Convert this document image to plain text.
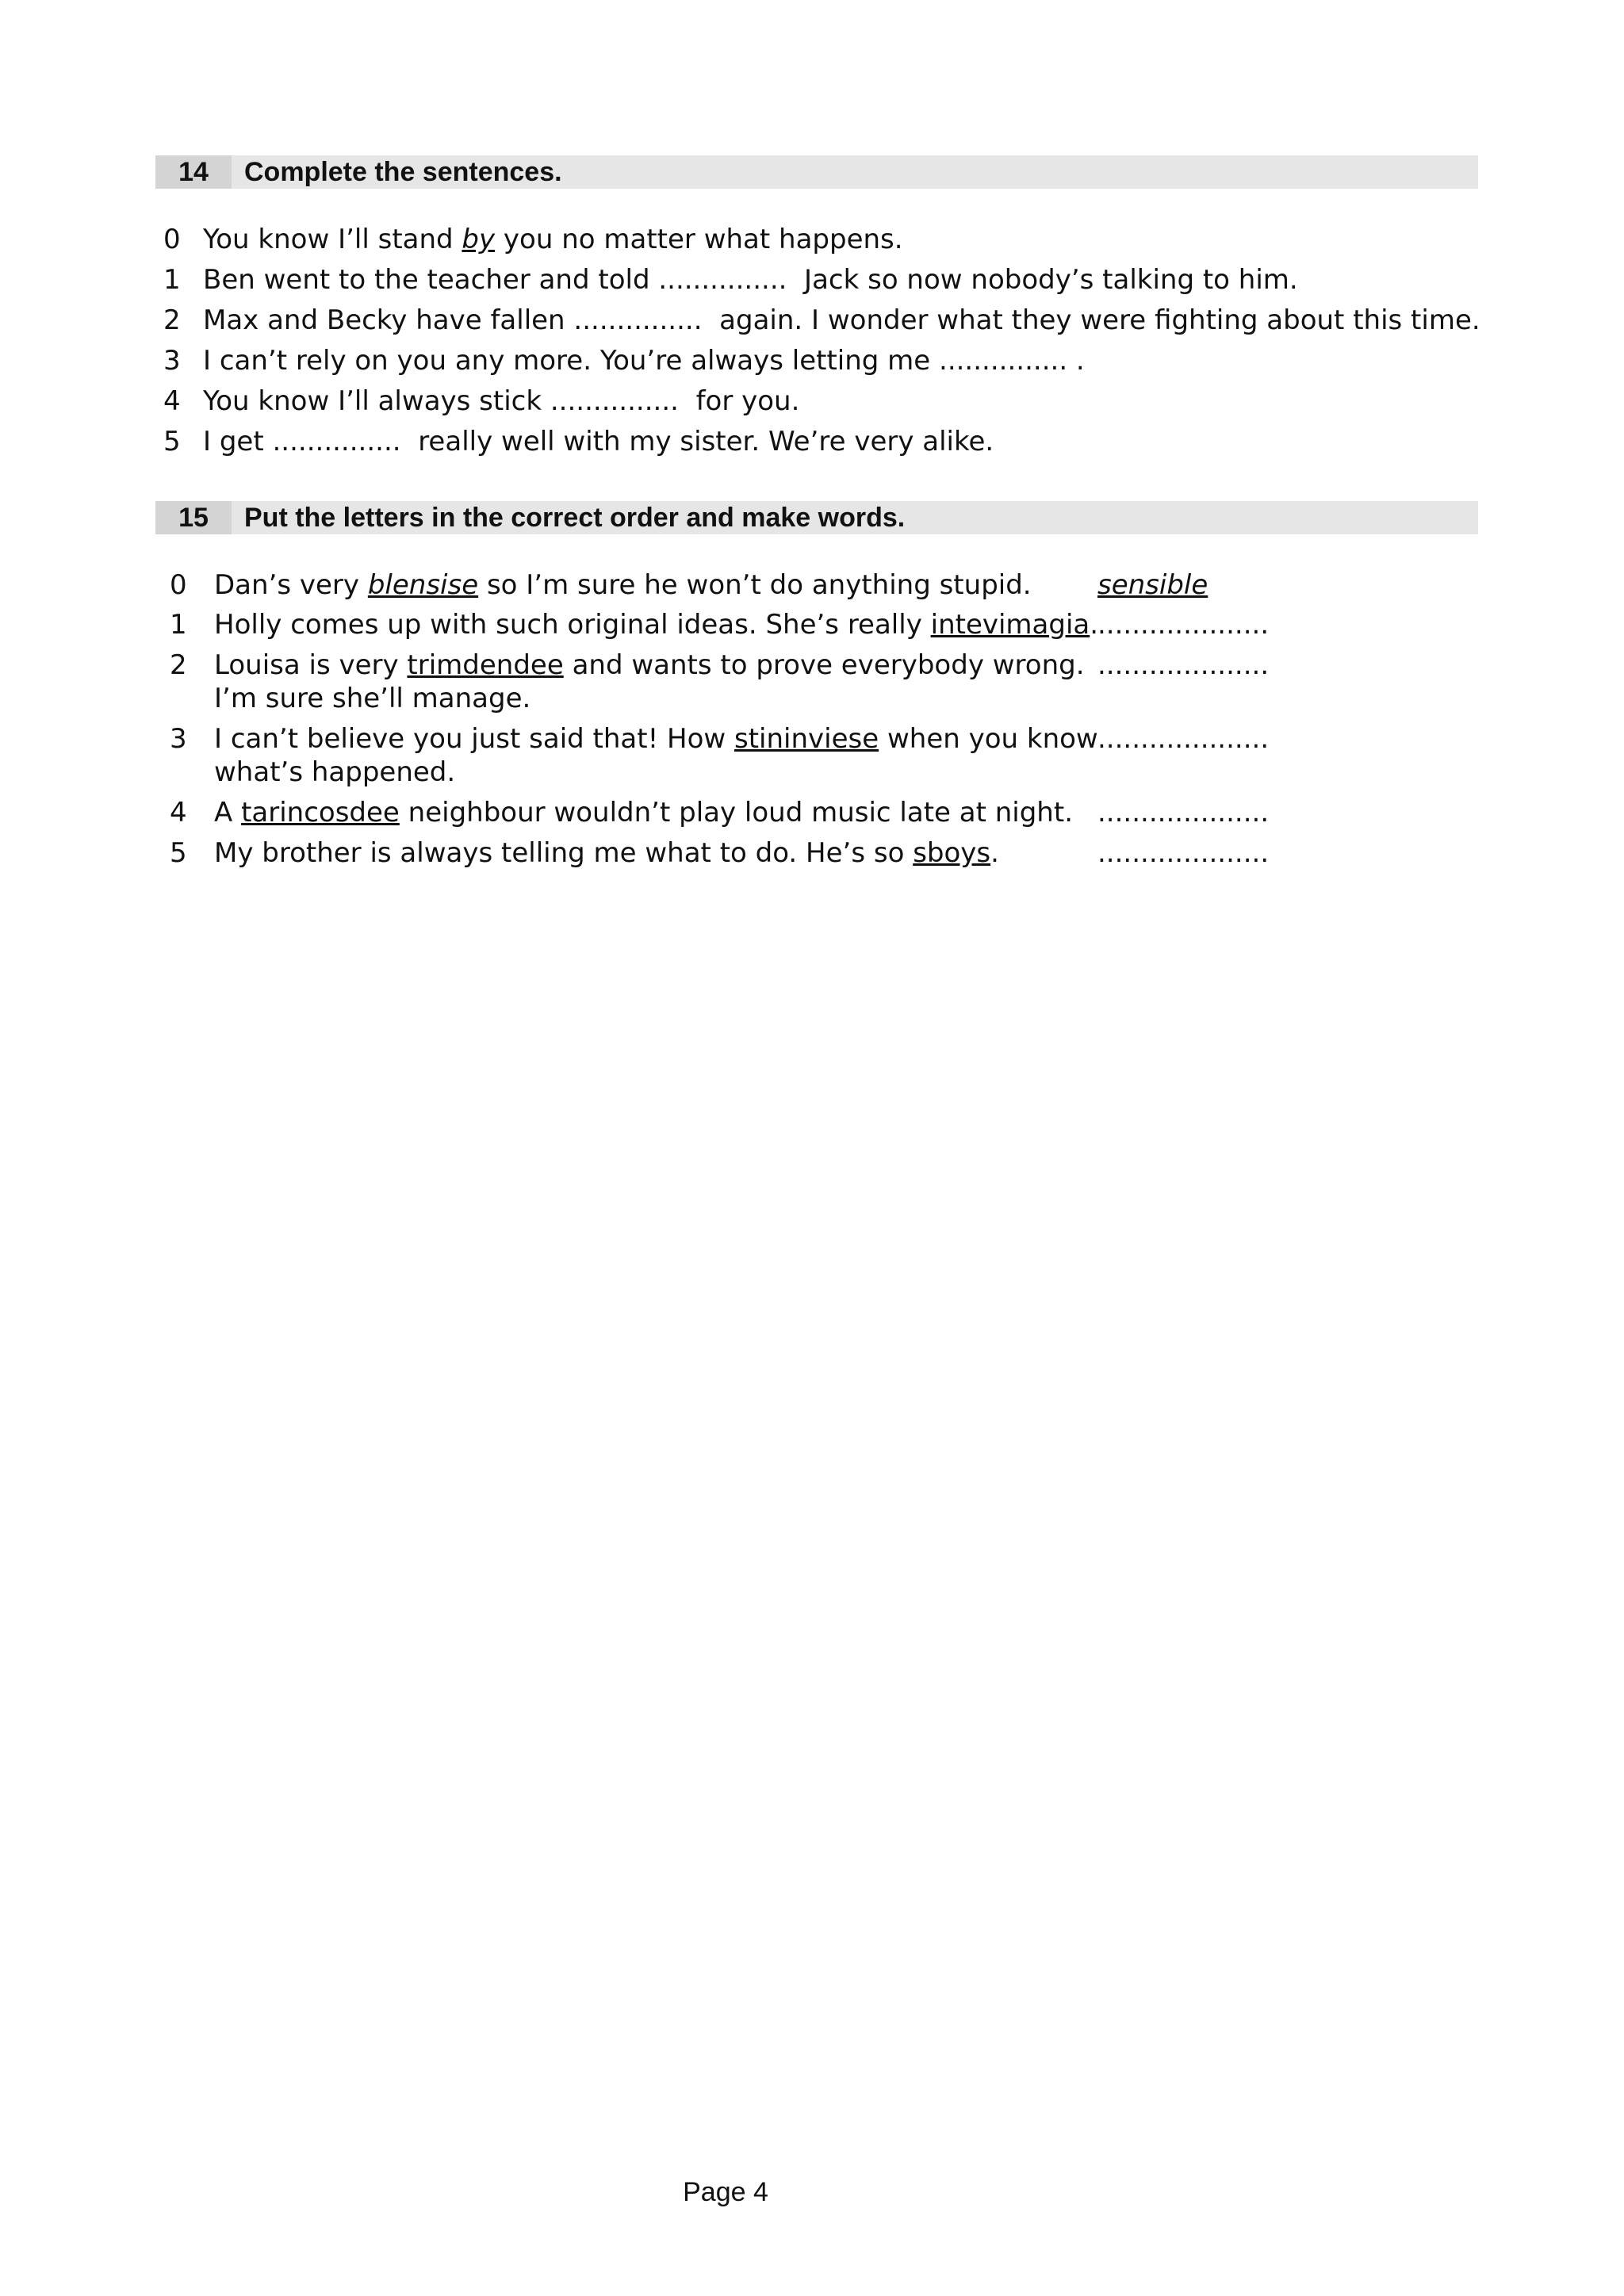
14	Complete the sentences.
0 You know I’ll stand by you no matter what happens.
1 Ben went to the teacher and told ...............  Jack so now nobody’s talking to him.
2 Max and Becky have fallen ...............  again. I wonder what they were fighting about this time.
3 I can’t rely on you any more. You’re always letting me ............... .
4 You know I’ll always stick ...............  for you.
5 I get ...............  really well with my sister. We’re very alike.
15	Put the letters in the correct order and make words.
0 Dan’s very blensise so I’m sure he won’t do anything stupid.	sensible
1 Holly comes up with such original ideas. She’s really intevimagia.
....................
2 Louisa is very trimdendee and wants to prove everybody wrong.
I’m sure she’ll manage.
....................
3 I can’t believe you just said that! How stininviese when you know
what’s happened.
....................
4 A tarincosdee neighbour wouldn’t play loud music late at night. ....................
5 My brother is always telling me what to do. He’s so sboys.	....................
Page 4
